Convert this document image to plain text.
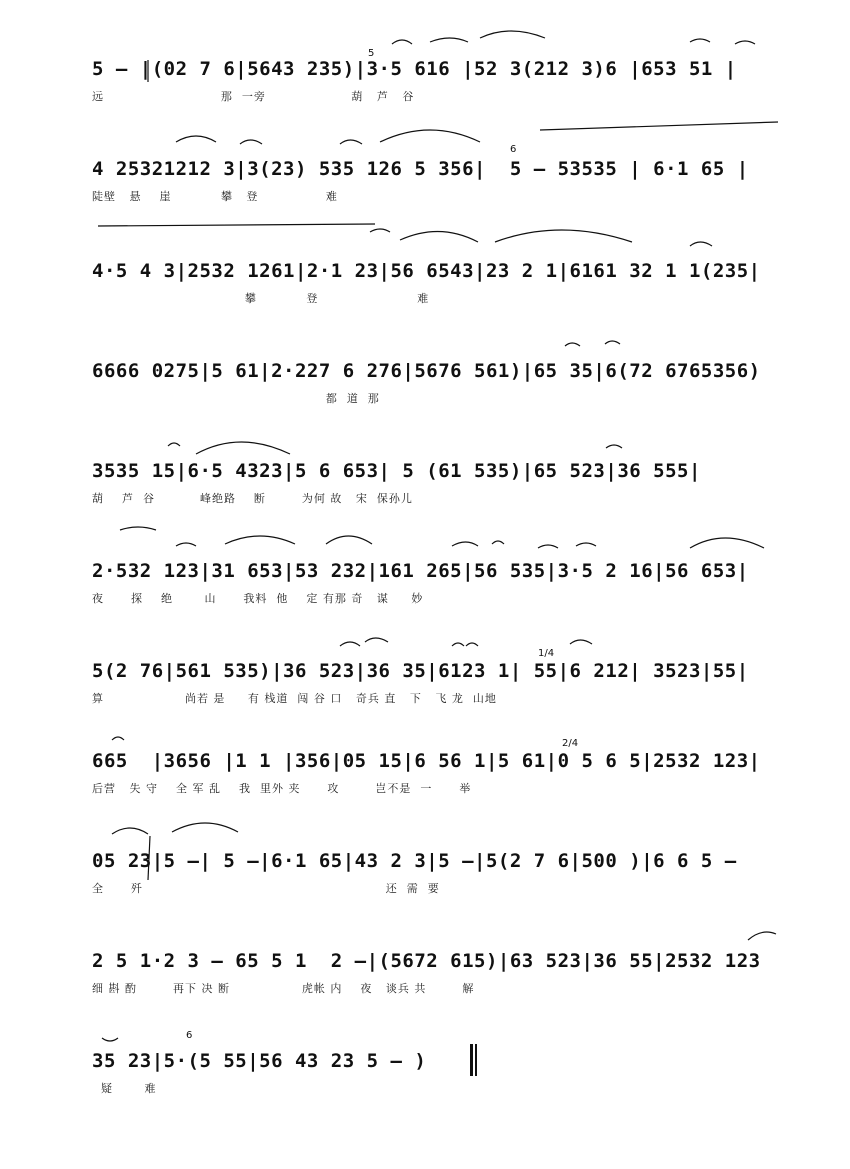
5 – |(02 7 6|5643 235)|3·5 616 |52 3(212 3)6 |653 51 |
远                          那  一旁                   葫   芦   谷
5
4 25321212 3|3(23) 535 126 5 356|  5 – 53535 | 6·1 65 |
陡壁   悬    崖           攀   登               难
6
4·5 4 3|2532 1261|2·1 23|56 6543|23 2 1|6161 32 1 1(235|
攀           登                      难
6666 0275|5 61|2·227 6 276|5676 561)|65 35|6(72 6765356)
都  道  那
3535 15|6·5 4323|5 6 653| 5 (61 535)|65 523|36 555|
葫    芦  谷          峰绝路    断        为何 故   宋  保孙儿
2·532 123|31 653|53 232|161 265|56 535|3·5 2 16|56 653|
夜      探    绝       山      我料  他    定 有那 奇   谋     妙
5(2 76|561 535)|36 523|36 35|6123 1| 55|6 212| 3523|55|
算                  尚若 是     有 栈道  闯 谷 口   奇兵 直   下   飞 龙  山地
1/4
665  |3656 |1 1 |356|05 15|6 56 1|5 61|0 5 6 5|2532 123|
后营   失 守    全 军 乱    我  里外 夹      攻        岂不是  一      举
2/4
05 23|5 –| 5 –|6·1 65|43 2 3|5 –|5(2 7 6|500 )|6 6 5 –
全      歼                                                      还  需  要
2 5 1·2 3 – 65 5 1  2 –|(5672 615)|63 523|36 55|2532 123
细 斟 酌        再下 决 断                虎帐 内    夜   谈兵 共        解
35 23|5·(5 55|56 43 23 5 – )
疑       难
6
